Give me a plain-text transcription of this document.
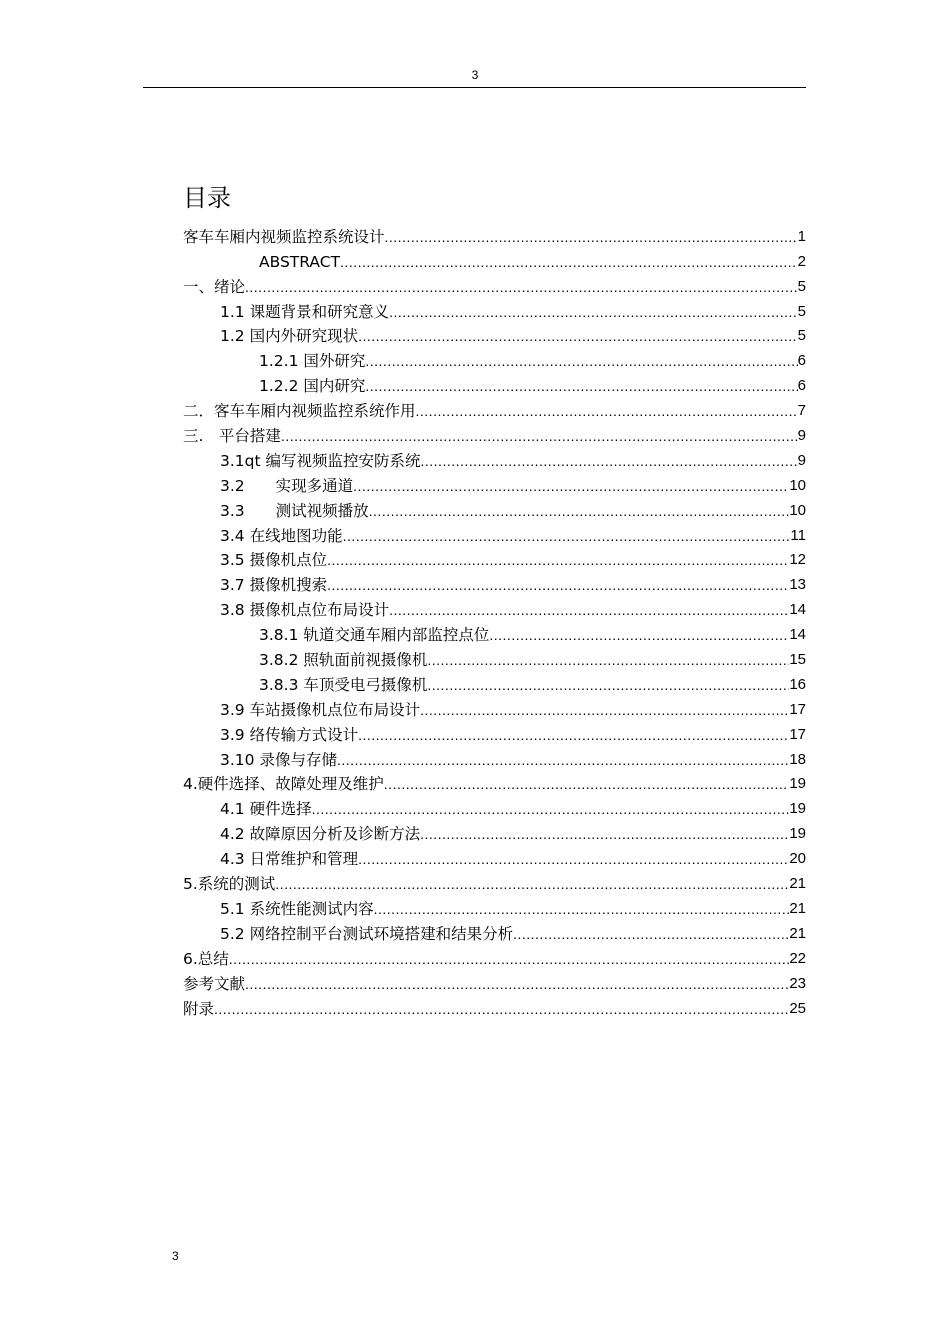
3
目录
客车车厢内视频监控系统设计 .....	1
ABSTRACT .....	2
一、绪论 .....	5
1.1 课题背景和研究意义 .....	5
1.2 国内外研究现状 .....	5
1.2.1 国外研究 .....	6
1.2.2 国内研究 .....	6
二．客车车厢内视频监控系统作用 .....	7
三.　平台搭建 .....	9
3.1qt 编写视频监控安防系统 .....	9
3.2　　实现多通道 .....	10
3.3　　测试视频播放 .....	10
3.4 在线地图功能 .....	11
3.5 摄像机点位 .....	12
3.7 摄像机搜索 .....	13
3.8 摄像机点位布局设计 .....	14
3.8.1 轨道交通车厢内部监控点位 .....	14
3.8.2 照轨面前视摄像机 .....	15
3.8.3 车顶受电弓摄像机 .....	16
3.9 车站摄像机点位布局设计 .....	17
3.9 络传输方式设计 .....	17
3.10 录像与存储 .....	18
4.硬件选择、故障处理及维护 .....	19
4.1 硬件选择 .....	19
4.2 故障原因分析及诊断方法 .....	19
4.3 日常维护和管理 .....	20
5.系统的测试 .....	21
5.1 系统性能测试内容 .....	21
5.2 网络控制平台测试环境搭建和结果分析 .....	21
6.总结 .....	22
参考文献 .....	23
附录 .....	25
3
